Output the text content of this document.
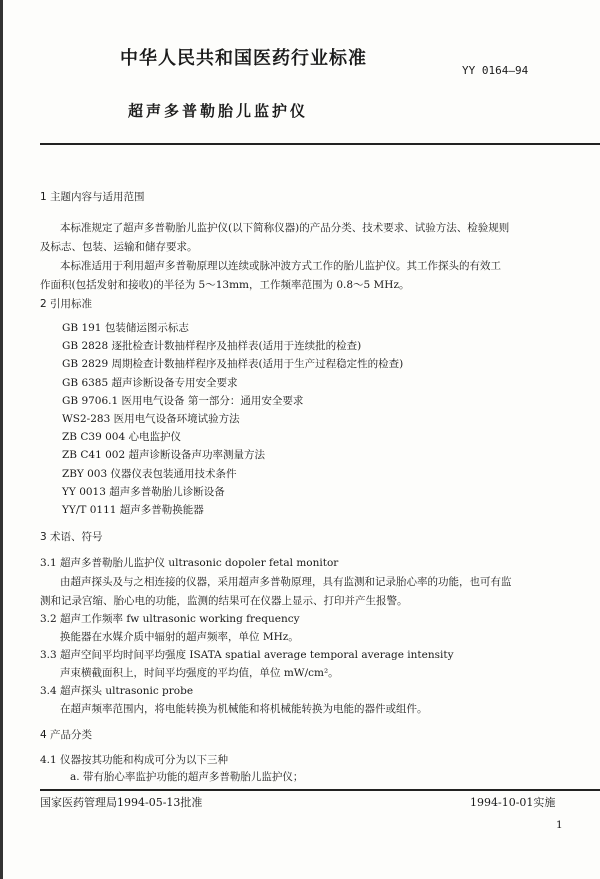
中华人民共和国医药行业标准
YY 0164—94
超声多普勒胎儿监护仪
1 主题内容与适用范围
本标准规定了超声多普勒胎儿监护仪(以下简称仪器)的产品分类、技术要求、试验方法、检验规则
及标志、包装、运输和储存要求。
本标准适用于利用超声多普勒原理以连续或脉冲波方式工作的胎儿监护仪。其工作探头的有效工
作面积(包括发射和接收)的半径为 5～13mm，工作频率范围为 0.8～5 MHz。
2 引用标准
GB 191 包装储运图示标志
GB 2828 逐批检查计数抽样程序及抽样表(适用于连续批的检查)
GB 2829 周期检查计数抽样程序及抽样表(适用于生产过程稳定性的检查)
GB 6385 超声诊断设备专用安全要求
GB 9706.1 医用电气设备 第一部分：通用安全要求
WS2-283 医用电气设备环境试验方法
ZB C39 004 心电监护仪
ZB C41 002 超声诊断设备声功率测量方法
ZBY 003 仪器仪表包装通用技术条件
YY 0013 超声多普勒胎儿诊断设备
YY/T 0111 超声多普勒换能器
3 术语、符号
3.1 超声多普勒胎儿监护仪 ultrasonic dopoler fetal monitor
由超声探头及与之相连接的仪器，采用超声多普勒原理，具有监测和记录胎心率的功能，也可有监
测和记录宫缩、胎心电的功能，监测的结果可在仪器上显示、打印并产生报警。
3.2 超声工作频率 fw ultrasonic working frequency
换能器在水媒介质中辐射的超声频率，单位 MHz。
3.3 超声空间平均时间平均强度 ISATA spatial average temporal average intensity
声束横截面积上，时间平均强度的平均值，单位 mW/cm²。
3.4 超声探头 ultrasonic probe
在超声频率范围内，将电能转换为机械能和将机械能转换为电能的器件或组件。
4 产品分类
4.1 仪器按其功能和构成可分为以下三种
a. 带有胎心率监护功能的超声多普勒胎儿监护仪；
国家医药管理局1994-05-13批准	1994-10-01实施
1
